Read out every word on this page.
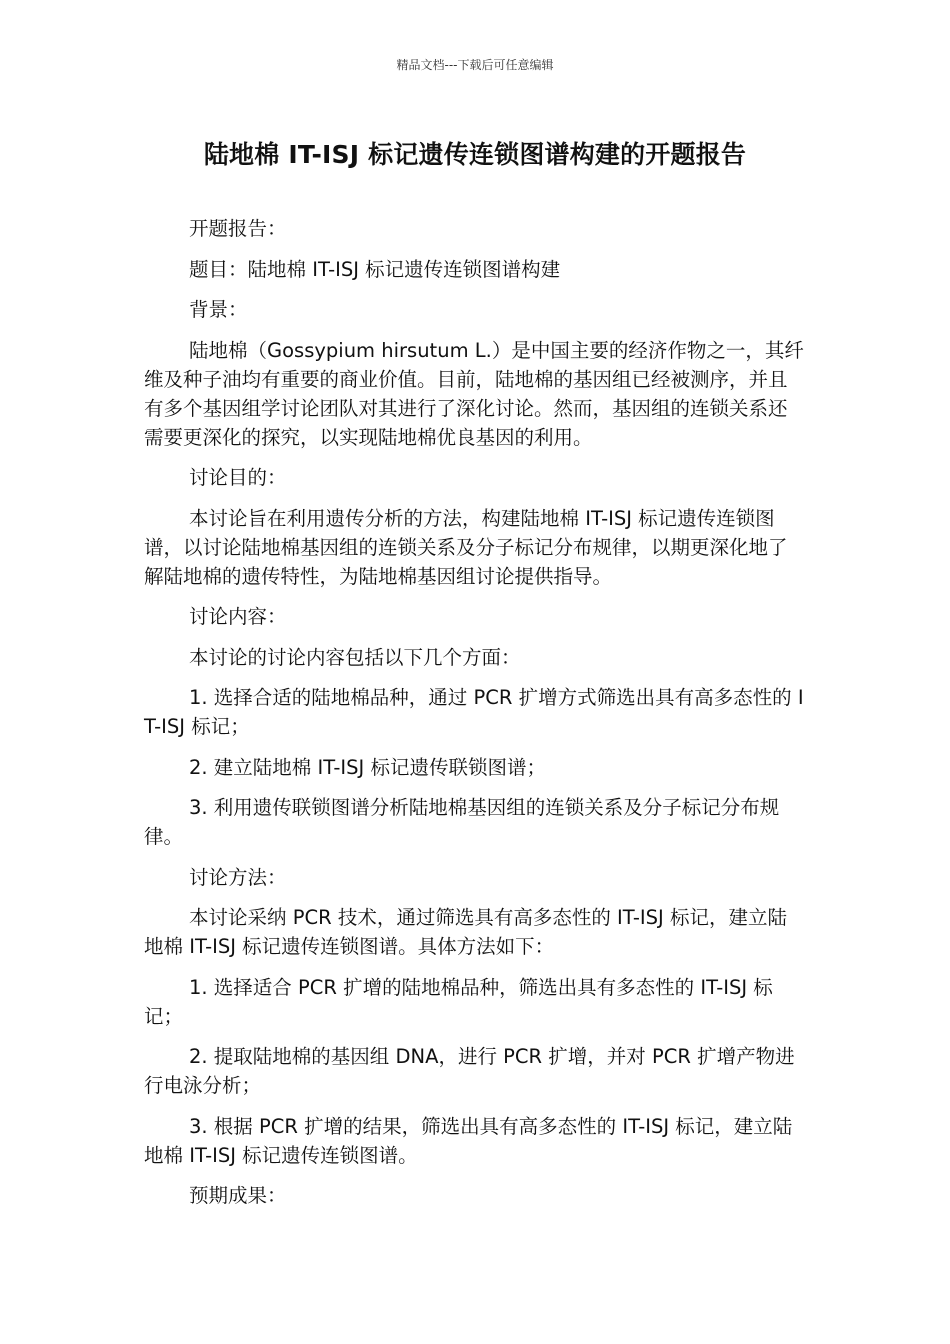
精品文档---下载后可任意编辑
陆地棉 IT-ISJ 标记遗传连锁图谱构建的开题报告

开题报告：

题目：陆地棉 IT-ISJ 标记遗传连锁图谱构建

背景：

陆地棉（Gossypium hirsutum L.）是中国主要的经济作物之一，其纤维及种子油均有重要的商业价值。目前，陆地棉的基因组已经被测序，并且有多个基因组学讨论团队对其进行了深化讨论。然而，基因组的连锁关系还需要更深化的探究，以实现陆地棉优良基因的利用。

讨论目的：

本讨论旨在利用遗传分析的方法，构建陆地棉 IT-ISJ 标记遗传连锁图谱，以讨论陆地棉基因组的连锁关系及分子标记分布规律，以期更深化地了解陆地棉的遗传特性，为陆地棉基因组讨论提供指导。

讨论内容：

本讨论的讨论内容包括以下几个方面：

1. 选择合适的陆地棉品种，通过 PCR 扩增方式筛选出具有高多态性的 IT-ISJ 标记；

2. 建立陆地棉 IT-ISJ 标记遗传联锁图谱；

3. 利用遗传联锁图谱分析陆地棉基因组的连锁关系及分子标记分布规律。

讨论方法：

本讨论采纳 PCR 技术，通过筛选具有高多态性的 IT-ISJ 标记，建立陆地棉 IT-ISJ 标记遗传连锁图谱。具体方法如下：

1. 选择适合 PCR 扩增的陆地棉品种，筛选出具有多态性的 IT-ISJ 标记；

2. 提取陆地棉的基因组 DNA，进行 PCR 扩增，并对 PCR 扩增产物进行电泳分析；

3. 根据 PCR 扩增的结果，筛选出具有高多态性的 IT-ISJ 标记，建立陆地棉 IT-ISJ 标记遗传连锁图谱。

预期成果：
